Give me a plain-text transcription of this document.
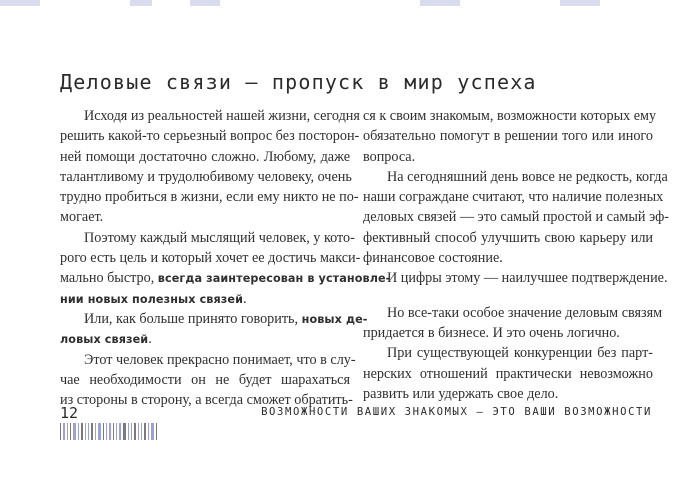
Деловые связи — пропуск в мир успеха
Исходя из реальностей нашей жизни, сегодня
решить какой-то серьезный вопрос без посторон-
ней помощи достаточно сложно. Любому, даже
талантливому и трудолюбивому человеку, очень
трудно пробиться в жизни, если ему никто не по-
могает.
Поэтому каждый мыслящий человек, у кото-
рого есть цель и который хочет ее достичь макси-
мально быстро, всегда заинтересован в установле-
нии новых полезных связей.
Или, как больше принято говорить, новых де-
ловых связей.
Этот человек прекрасно понимает, что в слу-
чае необходимости он не будет шарахаться
из стороны в сторону, а всегда сможет обратить-
ся к своим знакомым, возможности которых ему
обязательно помогут в решении того или иного
вопроса.
На сегодняшний день вовсе не редкость, когда
наши сограждане считают, что наличие полезных
деловых связей — это самый простой и самый эф-
фективный способ улучшить свою карьеру или
финансовое состояние.
И цифры этому — наилучшее подтверждение.
Но все-таки особое значение деловым связям
придается в бизнесе. И это очень логично.
При существующей конкуренции без парт-
нерских отношений практически невозможно
развить или удержать свое дело.
12	ВОЗМОЖНОСТИ ВАШИХ ЗНАКОМЫХ — ЭТО ВАШИ ВОЗМОЖНОСТИ
